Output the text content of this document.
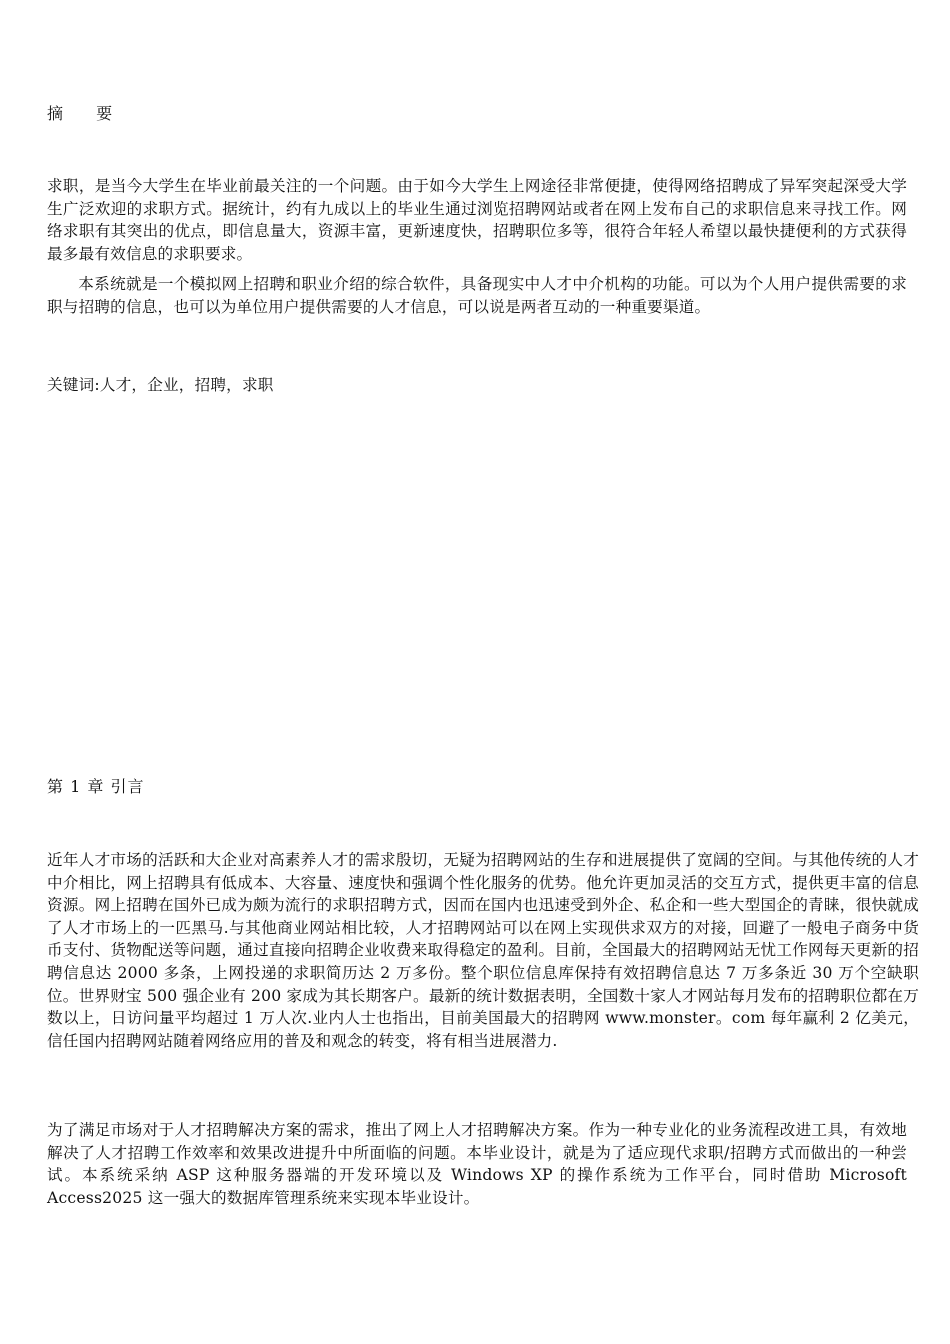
摘 要

求职，是当今大学生在毕业前最关注的一个问题。由于如今大学生上网途径非常便捷，使得网络招聘成了异军突起深受大学生广泛欢迎的求职方式。据统计，约有九成以上的毕业生通过浏览招聘网站或者在网上发布自己的求职信息来寻找工作。网络求职有其突出的优点，即信息量大，资源丰富，更新速度快，招聘职位多等，很符合年轻人希望以最快捷便利的方式获得最多最有效信息的求职要求。

本系统就是一个模拟网上招聘和职业介绍的综合软件，具备现实中人才中介机构的功能。可以为个人用户提供需要的求职与招聘的信息，也可以为单位用户提供需要的人才信息，可以说是两者互动的一种重要渠道。

关键词:人才，企业，招聘，求职

第 1 章 引言

近年人才市场的活跃和大企业对高素养人才的需求殷切，无疑为招聘网站的生存和进展提供了宽阔的空间。与其他传统的人才中介相比，网上招聘具有低成本、大容量、速度快和强调个性化服务的优势。他允许更加灵活的交互方式，提供更丰富的信息资源。网上招聘在国外已成为颇为流行的求职招聘方式，因而在国内也迅速受到外企、私企和一些大型国企的青睐，很快就成了人才市场上的一匹黑马.与其他商业网站相比较，人才招聘网站可以在网上实现供求双方的对接，回避了一般电子商务中货币支付、货物配送等问题，通过直接向招聘企业收费来取得稳定的盈利。目前，全国最大的招聘网站无忧工作网每天更新的招聘信息达 2000 多条，上网投递的求职简历达 2 万多份。整个职位信息库保持有效招聘信息达 7 万多条近 30 万个空缺职位。世界财宝 500 强企业有 200 家成为其长期客户。最新的统计数据表明，全国数十家人才网站每月发布的招聘职位都在万数以上，日访问量平均超过 1 万人次.业内人士也指出，目前美国最大的招聘网 www.monster。com 每年赢利 2 亿美元，信任国内招聘网站随着网络应用的普及和观念的转变，将有相当进展潜力.

为了满足市场对于人才招聘解决方案的需求，推出了网上人才招聘解决方案。作为一种专业化的业务流程改进工具，有效地解决了人才招聘工作效率和效果改进提升中所面临的问题。本毕业设计，就是为了适应现代求职/招聘方式而做出的一种尝试。本系统采纳 ASP 这种服务器端的开发环境以及 Windows XP 的操作系统为工作平台，同时借助 Microsoft Access2025 这一强大的数据库管理系统来实现本毕业设计。
